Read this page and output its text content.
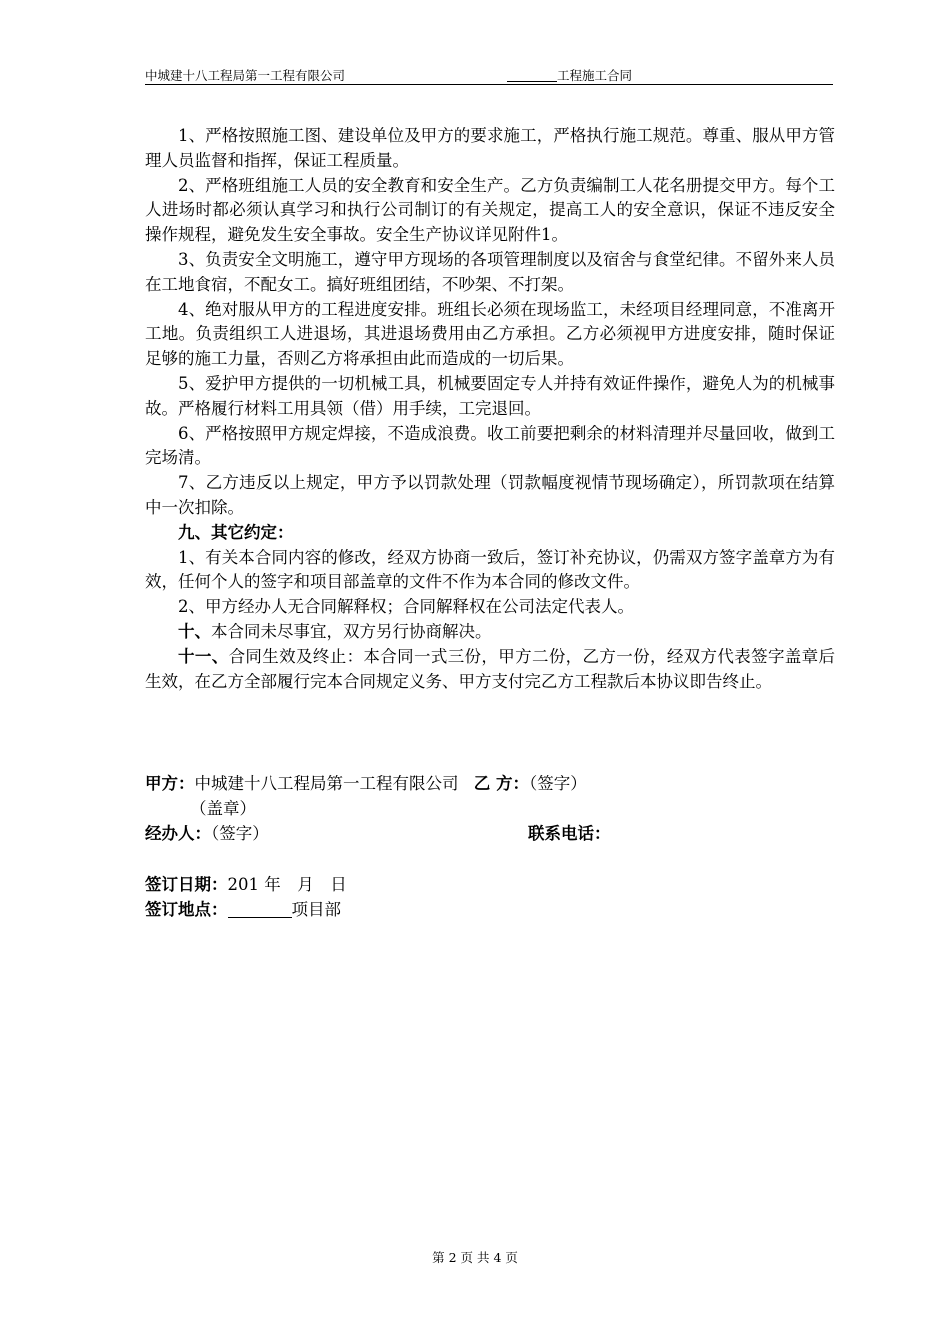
中城建十八工程局第一工程有限公司	工程施工合同

1、严格按照施工图、建设单位及甲方的要求施工，严格执行施工规范。尊重、服从甲方管理人员监督和指挥，保证工程质量。

2、严格班组施工人员的安全教育和安全生产。乙方负责编制工人花名册提交甲方。每个工人进场时都必须认真学习和执行公司制订的有关规定，提高工人的安全意识，保证不违反安全操作规程，避免发生安全事故。安全生产协议详见附件1。

3、负责安全文明施工，遵守甲方现场的各项管理制度以及宿舍与食堂纪律。不留外来人员在工地食宿，不配女工。搞好班组团结，不吵架、不打架。

4、绝对服从甲方的工程进度安排。班组长必须在现场监工，未经项目经理同意，不准离开工地。负责组织工人进退场，其进退场费用由乙方承担。乙方必须视甲方进度安排，随时保证足够的施工力量，否则乙方将承担由此而造成的一切后果。

5、爱护甲方提供的一切机械工具，机械要固定专人并持有效证件操作，避免人为的机械事故。严格履行材料工用具领（借）用手续，工完退回。

6、严格按照甲方规定焊接，不造成浪费。收工前要把剩余的材料清理并尽量回收，做到工完场清。

7、乙方违反以上规定，甲方予以罚款处理（罚款幅度视情节现场确定），所罚款项在结算中一次扣除。

九、其它约定：

1、有关本合同内容的修改，经双方协商一致后，签订补充协议，仍需双方签字盖章方为有效，任何个人的签字和项目部盖章的文件不作为本合同的修改文件。

2、甲方经办人无合同解释权；合同解释权在公司法定代表人。

十、本合同未尽事宜，双方另行协商解决。

十一、合同生效及终止：本合同一式三份，甲方二份，乙方一份，经双方代表签字盖章后生效，在乙方全部履行完本合同规定义务、甲方支付完乙方工程款后本协议即告终止。

甲方：中城建十八工程局第一工程有限公司 乙 方：（签字）
（盖章）
经办人：（签字）	联系电话：
签订日期：201 年　月　日
签订地点：	项目部
第 2 页 共 4 页
